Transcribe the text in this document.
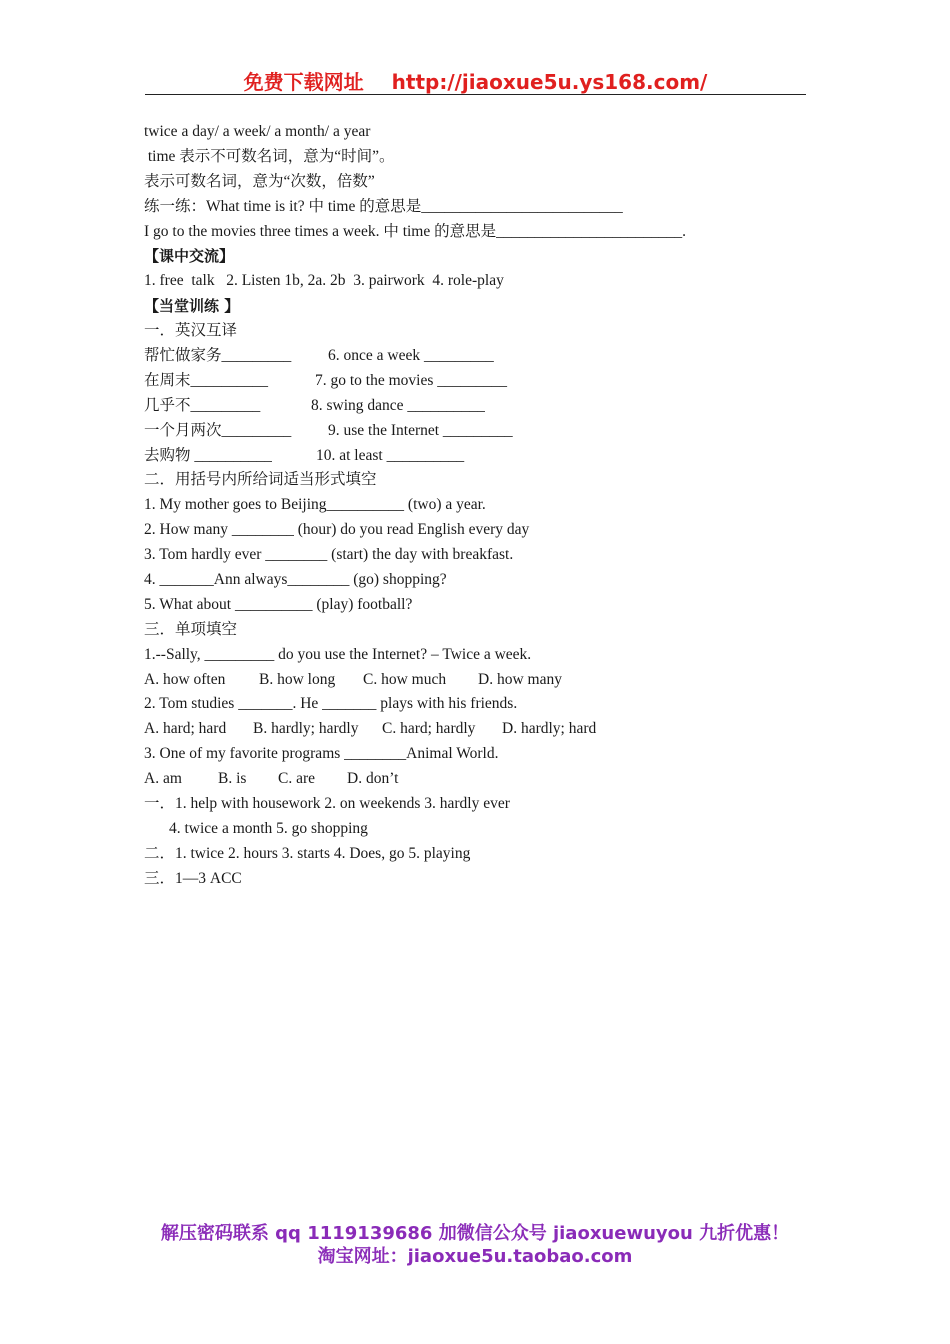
免费下载网址 http://jiaoxue5u.ys168.com/
twice a day/ a week/ a month/ a year
time 表示不可数名词，意为“时间”。
表示可数名词，意为“次数，倍数”
练一练：What time is it? 中 time 的意思是__________________________
I go to the movies three times a week. 中 time 的意思是________________________.
【课中交流】
1. free  talk   2. Listen 1b, 2a. 2b  3. pairwork  4. role-play
【当堂训练 】
一．英汉互译
帮忙做家务_________ 6. once a week _________
在周末__________	7. go to the movies _________
几乎不_________	8. swing dance __________
一个月两次_________ 9. use the Internet _________
去购物 __________	10. at least __________
二．用括号内所给词适当形式填空
1. My mother goes to Beijing__________ (two) a year.
2. How many ________ (hour) do you read English every day
3. Tom hardly ever ________ (start) the day with breakfast.
4. _______Ann always________ (go) shopping?
5. What about __________ (play) football?
三．单项填空
1.--Sally, _________ do you use the Internet? – Twice a week.
A. how often B. how long C. how much D. how many
2. Tom studies _______. He _______ plays with his friends.
A. hard; hard B. hardly; hardly C. hard; hardly D. hardly; hard
3. One of my favorite programs ________Animal World.
A. am B. is C. are D. don’t
一．1. help with housework 2. on weekends 3. hardly ever
4. twice a month 5. go shopping
二．1. twice 2. hours 3. starts 4. Does, go 5. playing
三．1—3 ACC
解压密码联系 qq 1119139686 加微信公众号 jiaoxuewuyou 九折优惠！
淘宝网址：jiaoxue5u.taobao.com
